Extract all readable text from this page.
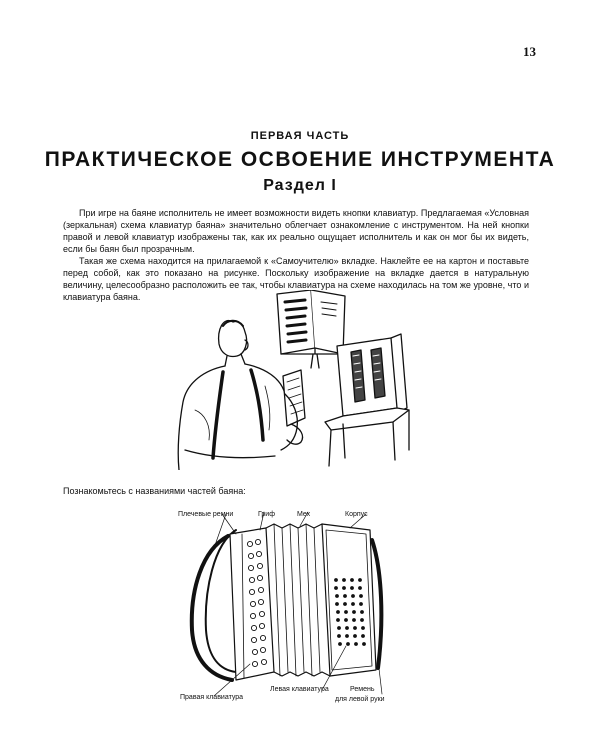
13
ПЕРВАЯ ЧАСТЬ
ПРАКТИЧЕСКОЕ ОСВОЕНИЕ ИНСТРУМЕНТА
Раздел I

При игре на баяне исполнитель не имеет возможности видеть кнопки клавиатур. Предлагаемая «Условная (зеркальная) схема клавиатур баяна» значительно облегчает ознакомление с инструментом. На ней кнопки правой и левой клавиатур изображены так, как их реально ощущает исполнитель и как он мог бы их видеть, если бы баян был прозрачным.

Такая же схема находится на прилагаемой к «Самоучителю» вкладке. Наклейте ее на картон и поставьте перед собой, как это показано на рисунке. Поскольку изображение на вкладке дается в натуральную величину, целесообразно расположить ее так, чтобы клавиатура на схеме находилась на том же уровне, что и клавиатура баяна.

Познакомьтесь с названиями частей баяна:
Плечевые ремни	Гриф	Мех	Корпус
Правая клавиатура
Левая клавиатура	Ремень
для левой руки
